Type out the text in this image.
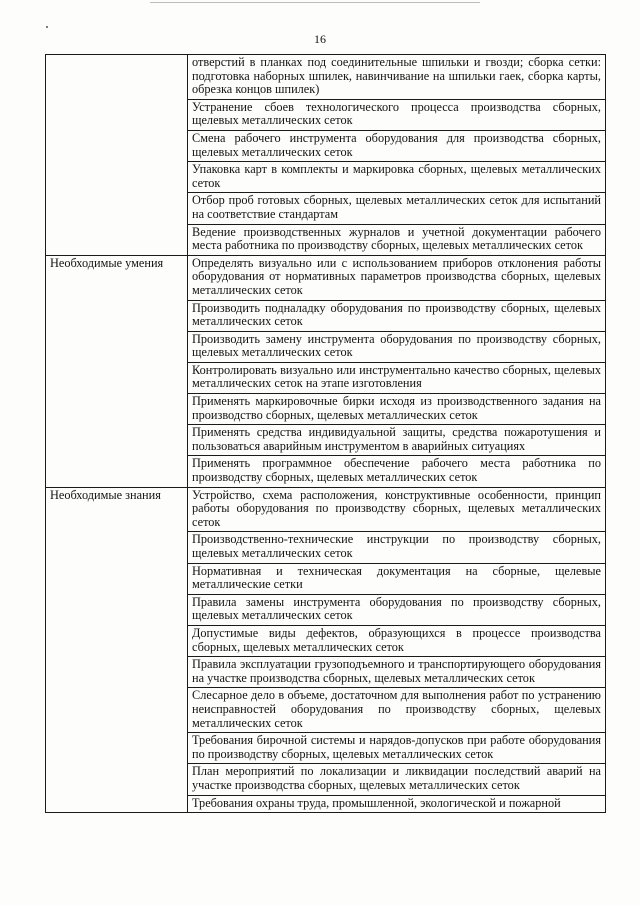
16
	отверстий в планках под соединительные шпильки и гвозди; сборка сетки: подготовка наборных шпилек, навинчивание на шпильки гаек, сборка карты, обрезка концов шпилек)
	Устранение сбоев технологического процесса производства сборных, щелевых металлических сеток
	Смена рабочего инструмента оборудования для производства сборных, щелевых металлических сеток
	Упаковка карт в комплекты и маркировка сборных, щелевых металлических сеток
	Отбор проб готовых сборных, щелевых металлических сеток для испытаний на соответствие стандартам
	Ведение производственных журналов и учетной документации рабочего места работника по производству сборных, щелевых металлических сеток
Необходимые умения	Определять визуально или с использованием приборов отклонения работы оборудования от нормативных параметров производства сборных, щелевых металлических сеток
	Производить подналадку оборудования по производству сборных, щелевых металлических сеток
	Производить замену инструмента оборудования по производству сборных, щелевых металлических сеток
	Контролировать визуально или инструментально качество сборных, щелевых металлических сеток на этапе изготовления
	Применять маркировочные бирки исходя из производственного задания на производство сборных, щелевых металлических сеток
	Применять средства индивидуальной защиты, средства пожаротушения и пользоваться аварийным инструментом в аварийных ситуациях
	Применять программное обеспечение рабочего места работника по производству сборных, щелевых металлических сеток
Необходимые знания	Устройство, схема расположения, конструктивные особенности, принцип работы оборудования по производству сборных, щелевых металлических сеток
	Производственно-технические инструкции по производству сборных, щелевых металлических сеток
	Нормативная и техническая документация на сборные, щелевые металлические сетки
	Правила замены инструмента оборудования по производству сборных, щелевых металлических сеток
	Допустимые виды дефектов, образующихся в процессе производства сборных, щелевых металлических сеток
	Правила эксплуатации грузоподъемного и транспортирующего оборудования на участке производства сборных, щелевых металлических сеток
	Слесарное дело в объеме, достаточном для выполнения работ по устранению неисправностей оборудования по производству сборных, щелевых металлических сеток
	Требования бирочной системы и нарядов-допусков при работе оборудования по производству сборных, щелевых металлических сеток
	План мероприятий по локализации и ликвидации последствий аварий на участке производства сборных, щелевых металлических сеток
	Требования охраны труда, промышленной, экологической и пожарной
